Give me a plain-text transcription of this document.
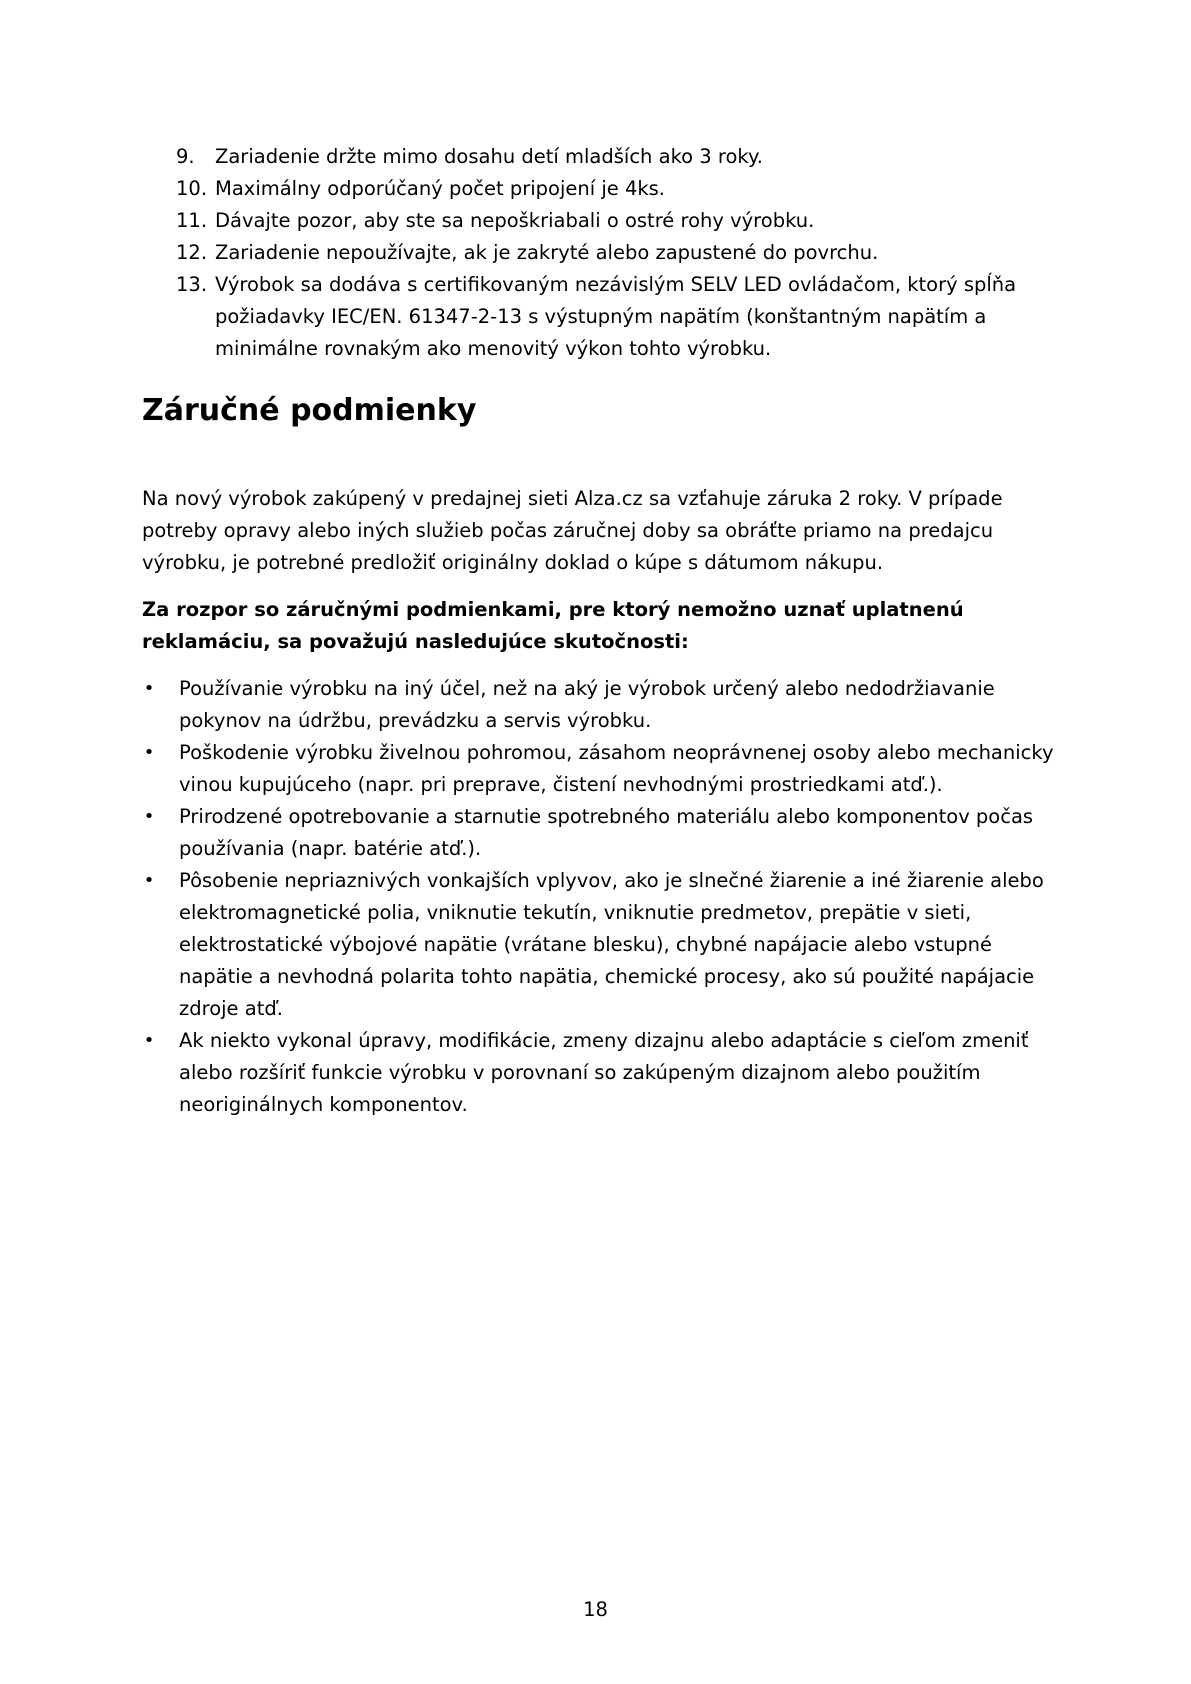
9. Zariadenie držte mimo dosahu detí mladších ako 3 roky.
10. Maximálny odporúčaný počet pripojení je 4ks.
11. Dávajte pozor, aby ste sa nepoškriabali o ostré rohy výrobku.
12. Zariadenie nepoužívajte, ak je zakryté alebo zapustené do povrchu.
13. Výrobok sa dodáva s certifikovaným nezávislým SELV LED ovládačom, ktorý spĺňa požiadavky IEC/EN. 61347-2-13 s výstupným napätím (konštantným napätím a minimálne rovnakým ako menovitý výkon tohto výrobku.
Záručné podmienky

Na nový výrobok zakúpený v predajnej sieti Alza.cz sa vzťahuje záruka 2 roky. V prípade potreby opravy alebo iných služieb počas záručnej doby sa obráťte priamo na predajcu výrobku, je potrebné predložiť originálny doklad o kúpe s dátumom nákupu.

Za rozpor so záručnými podmienkami, pre ktorý nemožno uznať uplatnenú reklamáciu, sa považujú nasledujúce skutočnosti:

• Používanie výrobku na iný účel, než na aký je výrobok určený alebo nedodržiavanie pokynov na údržbu, prevádzku a servis výrobku.
• Poškodenie výrobku živelnou pohromou, zásahom neoprávnenej osoby alebo mechanicky vinou kupujúceho (napr. pri preprave, čistení nevhodnými prostriedkami atď.).
• Prirodzené opotrebovanie a starnutie spotrebného materiálu alebo komponentov počas používania (napr. batérie atď.).
• Pôsobenie nepriaznivých vonkajších vplyvov, ako je slnečné žiarenie a iné žiarenie alebo elektromagnetické polia, vniknutie tekutín, vniknutie predmetov, prepätie v sieti, elektrostatické výbojové napätie (vrátane blesku), chybné napájacie alebo vstupné napätie a nevhodná polarita tohto napätia, chemické procesy, ako sú použité napájacie zdroje atď.
• Ak niekto vykonal úpravy, modifikácie, zmeny dizajnu alebo adaptácie s cieľom zmeniť alebo rozšíriť funkcie výrobku v porovnaní so zakúpeným dizajnom alebo použitím neoriginálnych komponentov.

18
